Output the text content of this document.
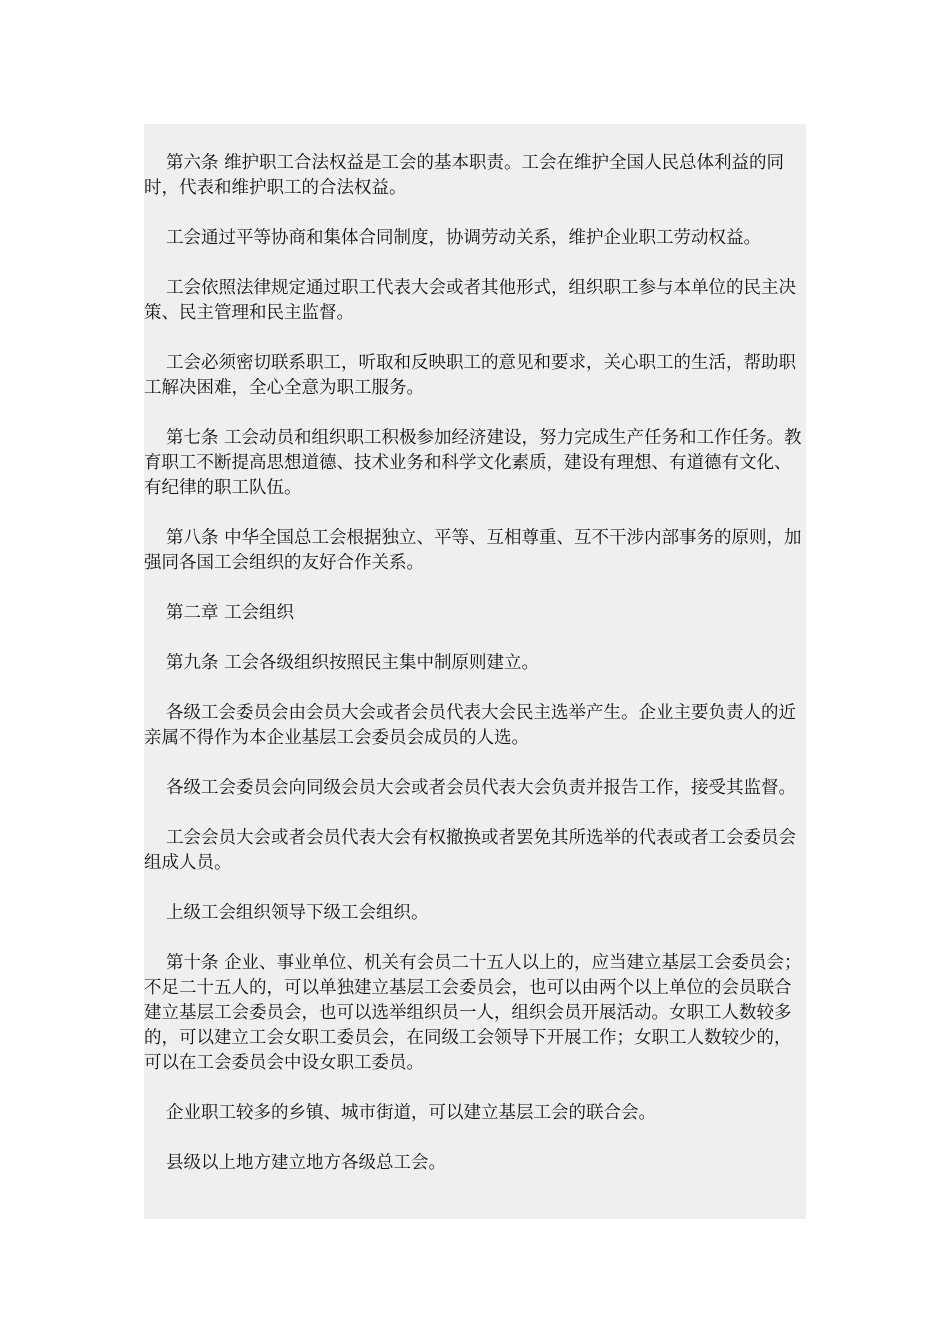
第六条 维护职工合法权益是工会的基本职责。工会在维护全国人民总体利益的同时，代表和维护职工的合法权益。

工会通过平等协商和集体合同制度，协调劳动关系，维护企业职工劳动权益。

工会依照法律规定通过职工代表大会或者其他形式，组织职工参与本单位的民主决策、民主管理和民主监督。

工会必须密切联系职工，听取和反映职工的意见和要求，关心职工的生活，帮助职工解决困难，全心全意为职工服务。

第七条 工会动员和组织职工积极参加经济建设，努力完成生产任务和工作任务。教育职工不断提高思想道德、技术业务和科学文化素质，建设有理想、有道德有文化、有纪律的职工队伍。

第八条 中华全国总工会根据独立、平等、互相尊重、互不干涉内部事务的原则，加强同各国工会组织的友好合作关系。

第二章 工会组织

第九条 工会各级组织按照民主集中制原则建立。

各级工会委员会由会员大会或者会员代表大会民主选举产生。企业主要负责人的近亲属不得作为本企业基层工会委员会成员的人选。

各级工会委员会向同级会员大会或者会员代表大会负责并报告工作，接受其监督。

工会会员大会或者会员代表大会有权撤换或者罢免其所选举的代表或者工会委员会组成人员。

上级工会组织领导下级工会组织。

第十条 企业、事业单位、机关有会员二十五人以上的，应当建立基层工会委员会；不足二十五人的，可以单独建立基层工会委员会，也可以由两个以上单位的会员联合建立基层工会委员会，也可以选举组织员一人，组织会员开展活动。女职工人数较多的，可以建立工会女职工委员会，在同级工会领导下开展工作；女职工人数较少的，可以在工会委员会中设女职工委员。

企业职工较多的乡镇、城市街道，可以建立基层工会的联合会。

县级以上地方建立地方各级总工会。
